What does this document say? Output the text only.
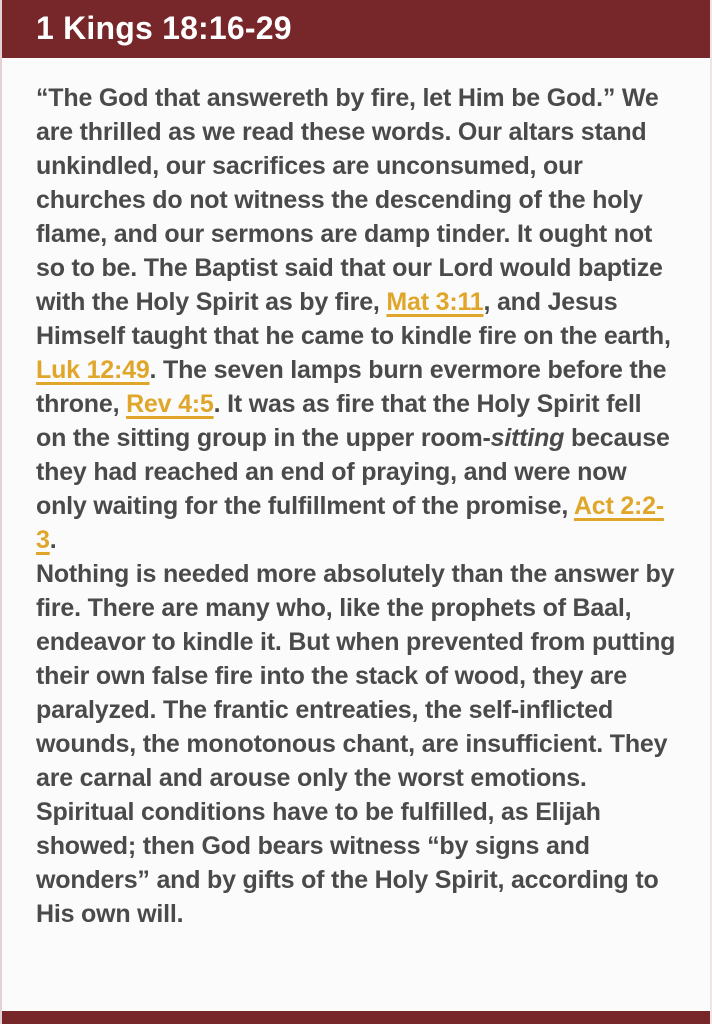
1 Kings 18:16-29

“The God that answereth by fire, let Him be God.” We are thrilled as we read these words. Our altars stand unkindled, our sacrifices are unconsumed, our churches do not witness the descending of the holy flame, and our sermons are damp tinder. It ought not so to be. The Baptist said that our Lord would baptize with the Holy Spirit as by fire, Mat 3:11, and Jesus Himself taught that he came to kindle fire on the earth, Luk 12:49. The seven lamps burn evermore before the throne, Rev 4:5. It was as fire that the Holy Spirit fell on the sitting group in the upper room-sitting because they had reached an end of praying, and were now only waiting for the fulfillment of the promise, Act 2:2-3.

Nothing is needed more absolutely than the answer by fire. There are many who, like the prophets of Baal, endeavor to kindle it. But when prevented from putting their own false fire into the stack of wood, they are paralyzed. The frantic entreaties, the self-inflicted wounds, the monotonous chant, are insufficient. They are carnal and arouse only the worst emotions. Spiritual conditions have to be fulfilled, as Elijah showed; then God bears witness “by signs and wonders” and by gifts of the Holy Spirit, according to His own will.
